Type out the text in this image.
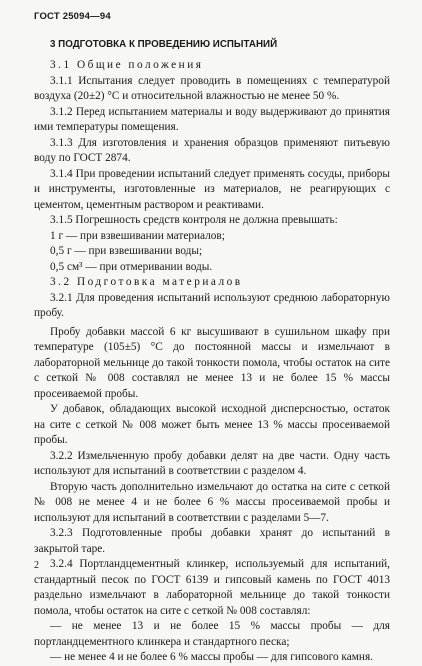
ГОСТ 25094—94
3 ПОДГОТОВКА К ПРОВЕДЕНИЮ ИСПЫТАНИЙ

3.1 Общие положения

3.1.1 Испытания следует проводить в помещениях с температурой воздуха (20±2) °С и относительной влажностью не менее 50 %.

3.1.2 Перед испытанием материалы и воду выдерживают до принятия ими температуры помещения.

3.1.3 Для изготовления и хранения образцов применяют питьевую воду по ГОСТ 2874.

3.1.4 При проведении испытаний следует применять сосуды, приборы и инструменты, изготовленные из материалов, не реагирующих с цементом, цементным раствором и реактивами.

3.1.5 Погрешность средств контроля не должна превышать:

1 г — при взвешивании материалов;

0,5 г — при взвешивании воды;

0,5 см³ — при отмеривании воды.

3.2 Подготовка материалов

3.2.1 Для проведения испытаний используют среднюю лабораторную пробу.

Пробу добавки массой 6 кг высушивают в сушильном шкафу при температуре (105±5) °С до постоянной массы и измельчают в лабораторной мельнице до такой тонкости помола, чтобы остаток на сите с сеткой № 008 составлял не менее 13 и не более 15 % массы просеиваемой пробы.

У добавок, обладающих высокой исходной дисперсностью, остаток на сите с сеткой № 008 может быть менее 13 % массы просеиваемой пробы.

3.2.2 Измельченную пробу добавки делят на две части. Одну часть используют для испытаний в соответствии с разделом 4.

Вторую часть дополнительно измельчают до остатка на сите с сеткой № 008 не менее 4 и не более 6 % массы просеиваемой пробы и используют для испытаний в соответствии с разделами 5—7.

3.2.3 Подготовленные пробы добавки хранят до испытаний в закрытой таре.

3.2.4 Портландцементный клинкер, используемый для испытаний, стандартный песок по ГОСТ 6139 и гипсовый камень по ГОСТ 4013 раздельно измельчают в лабораторной мельнице до такой тонкости помола, чтобы остаток на сите с сеткой № 008 составлял:

— не менее 13 и не более 15 % массы пробы — для портландцементного клинкера и стандартного песка;

— не менее 4 и не более 6 % массы пробы — для гипсового камня.

2
